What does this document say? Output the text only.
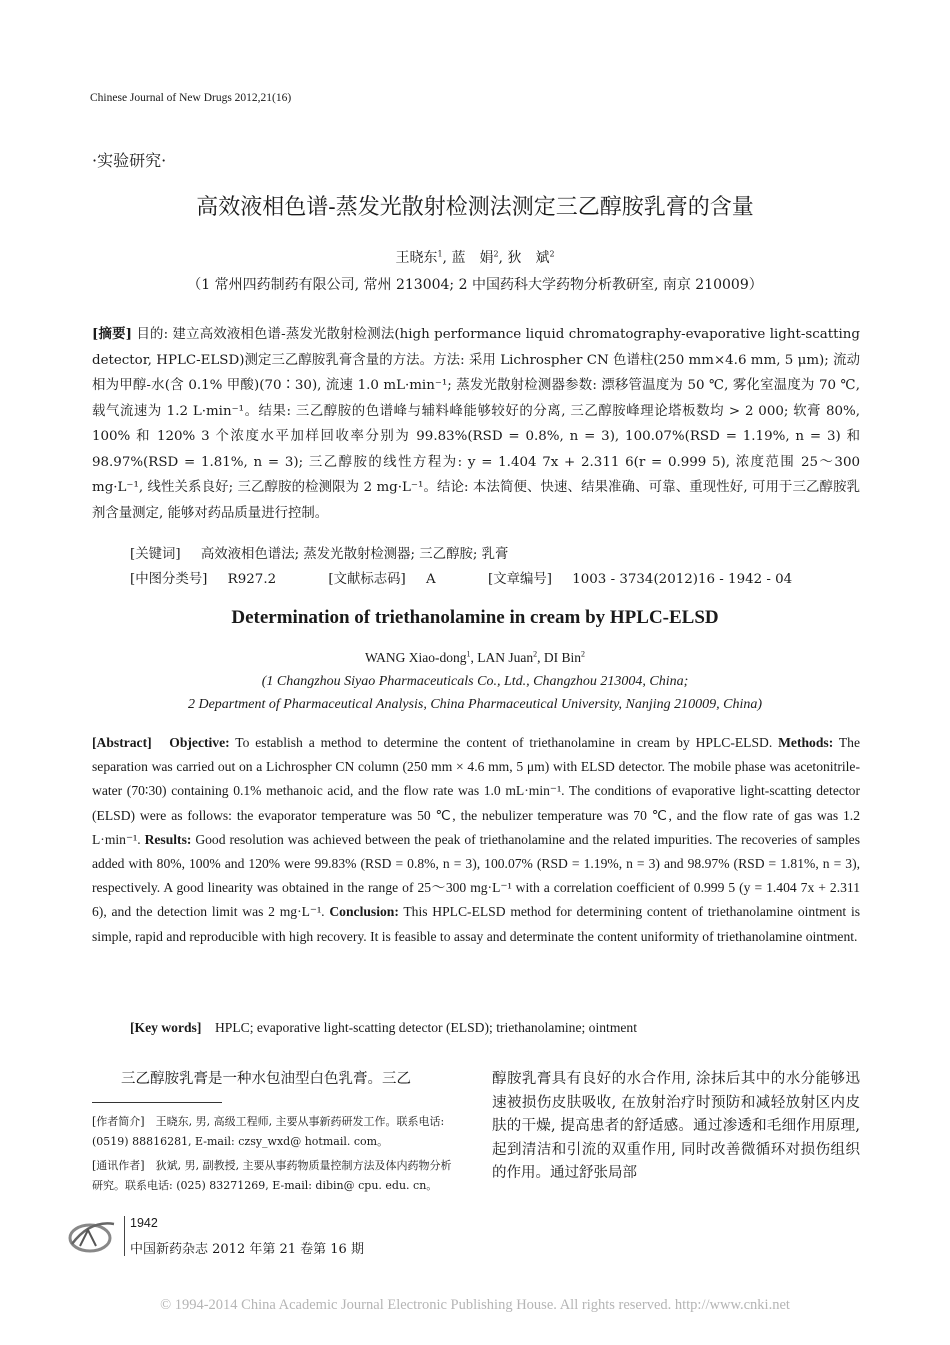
Chinese Journal of New Drugs 2012,21(16)
·实验研究·
高效液相色谱-蒸发光散射检测法测定三乙醇胺乳膏的含量
王晓东$^1$, 蓝　娟$^2$, 狄　斌$^2$
（1 常州四药制药有限公司, 常州 213004; 2 中国药科大学药物分析教研室, 南京 210009）
[摘要] 目的: 建立高效液相色谱-蒸发光散射检测法(high performance liquid chromatography-evaporative light-scatting detector, HPLC-ELSD)测定三乙醇胺乳膏含量的方法。方法: 采用 Lichrospher CN 色谱柱(250 mm×4.6 mm, 5 μm); 流动相为甲醇-水(含 0.1% 甲酸)(70∶30), 流速 1.0 mL·min⁻¹; 蒸发光散射检测器参数: 漂移管温度为 50 ℃, 雾化室温度为 70 ℃, 载气流速为 1.2 L·min⁻¹。结果: 三乙醇胺的色谱峰与辅料峰能够较好的分离, 三乙醇胺峰理论塔板数均 > 2 000; 软膏 80%, 100% 和 120% 3 个浓度水平加样回收率分别为 99.83%(RSD = 0.8%, n = 3), 100.07%(RSD = 1.19%, n = 3) 和 98.97%(RSD = 1.81%, n = 3); 三乙醇胺的线性方程为: y = 1.404 7x + 2.311 6(r = 0.999 5), 浓度范围 25～300 mg·L⁻¹, 线性关系良好; 三乙醇胺的检测限为 2 mg·L⁻¹。结论: 本法简便、快速、结果准确、可靠、重现性好, 可用于三乙醇胺乳剂含量测定, 能够对药品质量进行控制。
[关键词] 高效液相色谱法; 蒸发光散射检测器; 三乙醇胺; 乳膏
[中图分类号] R927.2	[文献标志码] A	[文章编号] 1003 - 3734(2012)16 - 1942 - 04
Determination of triethanolamine in cream by HPLC-ELSD
WANG Xiao-dong$^1$, LAN Juan$^2$, DI Bin$^2$
(1 Changzhou Siyao Pharmaceuticals Co., Ltd., Changzhou 213004, China;
2 Department of Pharmaceutical Analysis, China Pharmaceutical University, Nanjing 210009, China)
[Abstract] Objective: To establish a method to determine the content of triethanolamine in cream by HPLC-ELSD. Methods: The separation was carried out on a Lichrospher CN column (250 mm × 4.6 mm, 5 μm) with ELSD detector. The mobile phase was acetonitrile-water (70∶30) containing 0.1% methanoic acid, and the flow rate was 1.0 mL·min⁻¹. The conditions of evaporative light-scatting detector (ELSD) were as follows: the evaporator temperature was 50 ℃, the nebulizer temperature was 70 ℃, and the flow rate of gas was 1.2 L·min⁻¹. Results: Good resolution was achieved between the peak of triethanolamine and the related impurities. The recoveries of samples added with 80%, 100% and 120% were 99.83% (RSD = 0.8%, n = 3), 100.07% (RSD = 1.19%, n = 3) and 98.97% (RSD = 1.81%, n = 3), respectively. A good linearity was obtained in the range of 25～300 mg·L⁻¹ with a correlation coefficient of 0.999 5 (y = 1.404 7x + 2.311 6), and the detection limit was 2 mg·L⁻¹. Conclusion: This HPLC-ELSD method for determining content of triethanolamine ointment is simple, rapid and reproducible with high recovery. It is feasible to assay and determinate the content uniformity of triethanolamine ointment.
[Key words] HPLC; evaporative light-scatting detector (ELSD); triethanolamine; ointment
三乙醇胺乳膏是一种水包油型白色乳膏。三乙
[作者简介]　王晓东, 男, 高级工程师, 主要从事新药研发工作。联系电话: (0519) 88816281, E-mail: czsy_wxd@ hotmail. com。
[通讯作者]　狄斌, 男, 副教授, 主要从事药物质量控制方法及体内药物分析研究。联系电话: (025) 83271269, E-mail: dibin@ cpu. edu. cn。
醇胺乳膏具有良好的水合作用, 涂抹后其中的水分能够迅速被损伤皮肤吸收, 在放射治疗时预防和减轻放射区内皮肤的干燥, 提高患者的舒适感。通过渗透和毛细作用原理, 起到清洁和引流的双重作用, 同时改善微循环对损伤组织的作用。通过舒张局部
1942
中国新药杂志 2012 年第 21 卷第 16 期
© 1994-2014 China Academic Journal Electronic Publishing House. All rights reserved. http://www.cnki.net
